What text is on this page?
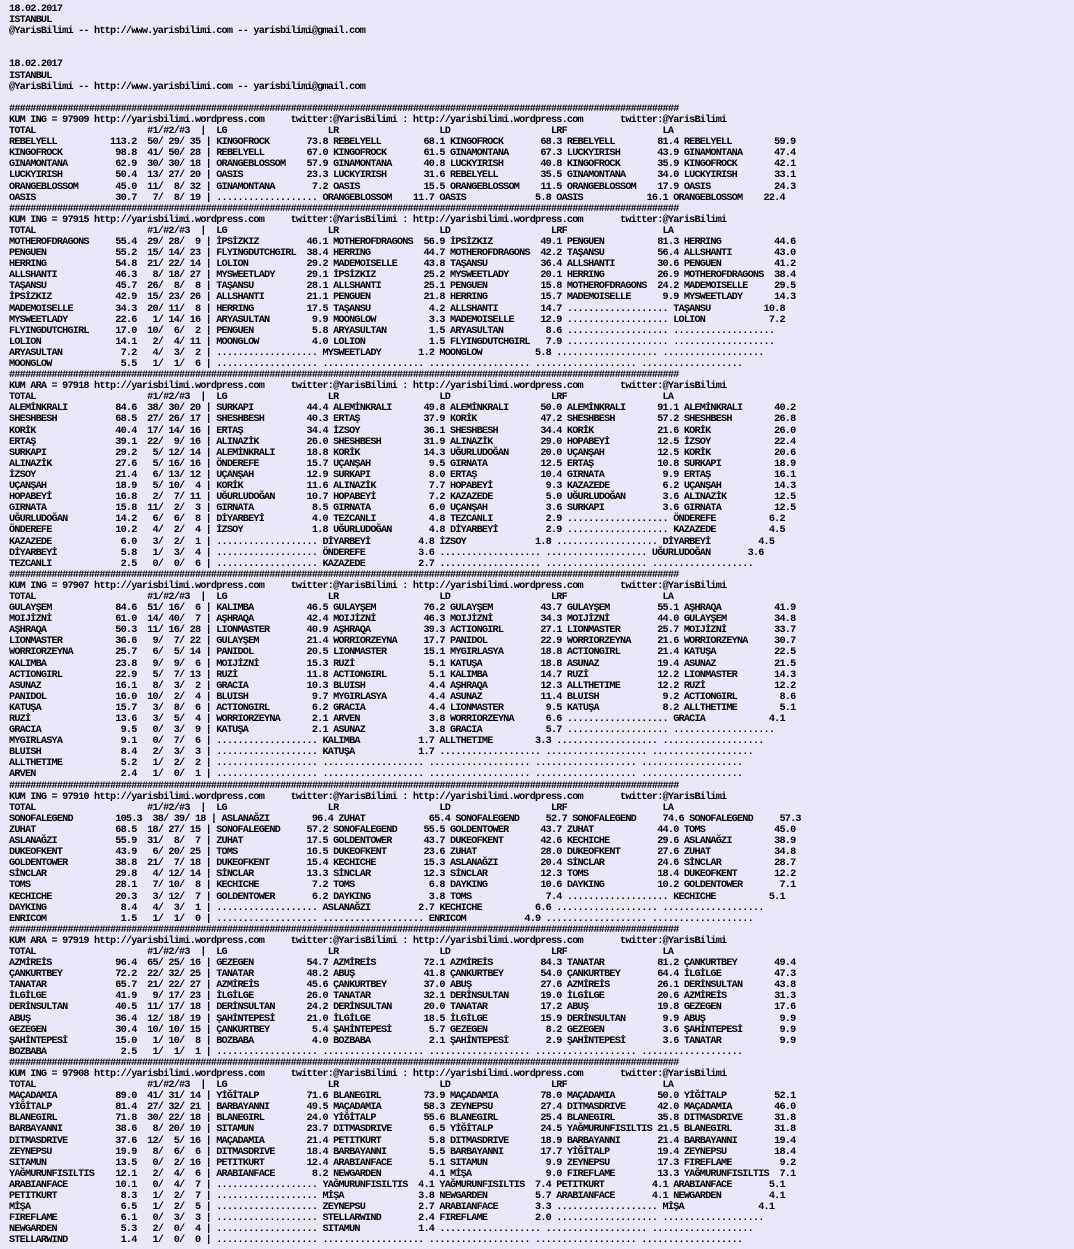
18.02.2017
ISTANBUL
@YarisBilimi -- http://www.yarisbilimi.com -- yarisbilimi@gmail.com
18.02.2017
ISTANBUL
@YarisBilimi -- http://www.yarisbilimi.com -- yarisbilimi@gmail.com
##############################################################################################################################
KUM ING = 97909 http://yarisbilimi.wordpress.com     twitter:@YarisBilimi : http://yarisbilimi.wordpress.com       twitter:@YarisBilimi
TOTAL                     #1/#2/#3  |  LG                   LR                   LD                   LRF                  LA
REBELYELL          113.2  50/ 29/ 35 | KINGOFROCK       73.8 REBELYELL        68.1 KINGOFROCK       68.3 REBELYELL        81.4 REBELYELL        59.9
KINGOFROCK          98.8  41/ 50/ 28 | REBELYELL        67.0 KINGOFROCK       61.5 GINAMONTANA      67.3 LUCKYIRISH       43.9 GINAMONTANA      47.4
GINAMONTANA         62.9  30/ 30/ 18 | ORANGEBLOSSOM    57.9 GINAMONTANA      40.8 LUCKYIRISH       40.8 KINGOFROCK       35.9 KINGOFROCK       42.1
LUCKYIRISH          50.4  13/ 27/ 20 | OASIS            23.3 LUCKYIRISH       31.6 REBELYELL        35.5 GINAMONTANA      34.0 LUCKYIRISH       33.1
ORANGEBLOSSOM       45.0  11/  8/ 32 | GINAMONTANA       7.2 OASIS            15.5 ORANGEBLOSSOM    11.5 ORANGEBLOSSOM    17.9 OASIS            24.3
OASIS               30.7   7/  8/ 19 | ................... ORANGEBLOSSOM    11.7 OASIS             5.8 OASIS            16.1 ORANGEBLOSSOM    22.4
##############################################################################################################################
KUM ING = 97915 http://yarisbilimi.wordpress.com     twitter:@YarisBilimi : http://yarisbilimi.wordpress.com       twitter:@YarisBilimi
TOTAL                     #1/#2/#3  |  LG                   LR                   LD                   LRF                  LA
MOTHEROFDRAGONS     55.4  29/ 28/  9 | İPSİZKIZ         46.1 MOTHEROFDRAGONS  56.9 İPSİZKIZ         49.1 PENGUEN          81.3 HERRING          44.6
PENGUEN             55.2  15/ 14/ 23 | FLYINGDUTCHGIRL  38.4 HERRING          44.7 MOTHEROFDRAGONS  42.2 TAŞANSU          56.4 ALLSHANTI        43.0
HERRING             54.8  21/ 22/ 14 | LOLION           29.2 MADEMOISELLE     43.8 TAŞANSU          36.4 ALLSHANTI        30.6 PENGUEN          41.2
ALLSHANTI           46.3   8/ 18/ 27 | MYSWEETLADY      29.1 İPSİZKIZ         25.2 MYSWEETLADY      20.1 HERRING          26.9 MOTHEROFDRAGONS  38.4
TAŞANSU             45.7  26/  8/  8 | TAŞANSU          28.1 ALLSHANTI        25.1 PENGUEN          15.8 MOTHEROFDRAGONS  24.2 MADEMOISELLE     29.5
İPSİZKIZ            42.9  15/ 23/ 26 | ALLSHANTI        21.1 PENGUEN          21.8 HERRING          15.7 MADEMOISELLE      9.9 MYSWEETLADY      14.3
MADEMOISELLE        34.3  20/ 11/  8 | HERRING          17.5 TAŞANSU           4.2 ALLSHANTI        14.7 ................... TAŞANSU          10.8
MYSWEETLADY         22.6   1/ 14/ 16 | ARYASULTAN        9.9 MOONGLOW          3.3 MADEMOISELLE     12.9 ................... LOLION            7.2
FLYINGDUTCHGIRL     17.0  10/  6/  2 | PENGUEN           5.8 ARYASULTAN        1.5 ARYASULTAN        8.6 ................... ...................
LOLION              14.1   2/  4/ 11 | MOONGLOW          4.0 LOLION            1.5 FLYINGDUTCHGIRL   7.9 ................... ...................
ARYASULTAN           7.2   4/  3/  2 | ................... MYSWEETLADY       1.2 MOONGLOW          5.8 ................... ...................
MOONGLOW             5.5   1/  1/  6 | ................... ................... ................... ................... ...................
##############################################################################################################################
KUM ARA = 97918 http://yarisbilimi.wordpress.com     twitter:@YarisBilimi : http://yarisbilimi.wordpress.com       twitter:@YarisBilimi
TOTAL                     #1/#2/#3  |  LG                   LR                   LD                   LRF                  LA
ALEMİNKRALI         84.6  38/ 30/ 20 | SURKAPI          44.4 ALEMİNKRALI      49.8 ALEMİNKRALI      50.0 ALEMİNKRALI      91.1 ALEMİNKRALI      40.2
SHESHBESH           68.5  27/ 26/ 17 | SHESHBESH        40.3 ERTAŞ            37.9 KORİK            47.2 SHESHBESH        57.2 SHESHBESH        26.8
KORİK               40.4  17/ 14/ 16 | ERTAŞ            34.4 İZSOY            36.1 SHESHBESH        34.4 KORİK            21.6 KORİK            26.0
ERTAŞ               39.1  22/  9/ 16 | ALINAZİK         26.0 SHESHBESH        31.9 ALINAZİK         29.0 HOPABEYİ         12.5 İZSOY            22.4
SURKAPI             29.2   5/ 12/ 14 | ALEMİNKRALI      18.8 KORİK            14.3 UĞURLUDOĞAN      20.0 UÇANŞAH          12.5 KORİK            20.6
ALINAZİK            27.6   5/ 16/ 16 | ÖNDEREFE         15.7 UÇANŞAH           9.5 GIRNATA          12.5 ERTAŞ            10.8 SURKAPI          18.9
İZSOY               21.4   6/ 13/ 12 | UÇANŞAH          12.9 SURKAPI           8.0 ERTAŞ            10.4 GIRNATA           9.9 ERTAŞ            16.1
UÇANŞAH             18.9   5/ 10/  4 | KORİK            11.6 ALINAZİK          7.7 HOPABEYİ          9.3 KAZAZEDE          6.2 UÇANŞAH          14.3
HOPABEYİ            16.8   2/  7/ 11 | UĞURLUDOĞAN      10.7 HOPABEYİ          7.2 KAZAZEDE          5.0 UĞURLUDOĞAN       3.6 ALINAZİK         12.5
GIRNATA             15.8  11/  2/  3 | GIRNATA           8.5 GIRNATA           6.0 UÇANŞAH           3.6 SURKAPI           3.6 GIRNATA          12.5
UĞURLUDOĞAN         14.2   6/  6/  8 | DİYARBEYİ         4.0 TEZCANLI          4.8 TEZCANLI          2.9 ................... ÖNDEREFE          6.2
ÖNDEREFE            10.2   4/  2/  4 | İZSOY             1.8 UĞURLUDOĞAN       4.8 DİYARBEYİ         2.9 ................... KAZAZEDE          4.5
KAZAZEDE             6.0   3/  2/  1 | ................... DİYARBEYİ         4.8 İZSOY             1.8 ................... DİYARBEYİ         4.5
DİYARBEYİ            5.8   1/  3/  4 | ................... ÖNDEREFE          3.6 ................... ................... UĞURLUDOĞAN       3.6
TEZCANLI             2.5   0/  0/  6 | ................... KAZAZEDE          2.7 ................... ................... ...................
##############################################################################################################################
KUM ING = 97907 http://yarisbilimi.wordpress.com     twitter:@YarisBilimi : http://yarisbilimi.wordpress.com       twitter:@YarisBilimi
TOTAL                     #1/#2/#3  |  LG                   LR                   LD                   LRF                  LA
GULAYŞEM            84.6  51/ 16/  6 | KALIMBA          46.5 GULAYŞEM         76.2 GULAYŞEM         43.7 GULAYŞEM         55.1 AŞHRAQA          41.9
MOIJİZNİ            61.0  14/ 40/  7 | AŞHRAQA          42.4 MOIJİZNİ         46.3 MOIJİZNİ         34.3 MOIJİZNİ         44.0 GULAYŞEM         34.8
AŞHRAQA             50.3  11/ 16/ 28 | LIONMASTER       40.9 AŞHRAQA          39.3 ACTIONGIRL       27.1 LIONMASTER       25.7 MOIJİZNİ         33.7
LIONMASTER          36.6   9/  7/ 22 | GULAYŞEM         21.4 WORRIORZEYNA     17.7 PANIDOL          22.9 WORRIORZEYNA     21.6 WORRIORZEYNA     30.7
WORRIORZEYNA        25.7   6/  5/ 14 | PANIDOL          20.5 LIONMASTER       15.1 MYGIRLASYA       18.8 ACTIONGIRL       21.4 KATUŞA           22.5
KALIMBA             23.8   9/  9/  6 | MOIJİZNİ         15.3 RUZİ              5.1 KATUŞA           18.8 ASUNAZ           19.4 ASUNAZ           21.5
ACTIONGIRL          22.9   5/  7/ 13 | RUZİ             11.8 ACTIONGIRL        5.1 KALIMBA          14.7 RUZİ             12.2 LIONMASTER       14.3
ASUNAZ              16.1   8/  3/  2 | GRACIA           10.3 BLUISH            4.4 AŞHRAQA          12.3 ALLTHETIME       12.2 RUZİ             12.2
PANIDOL             16.0  10/  2/  4 | BLUISH            9.7 MYGIRLASYA        4.4 ASUNAZ           11.4 BLUISH            9.2 ACTIONGIRL        8.6
KATUŞA              15.7   3/  8/  6 | ACTIONGIRL        6.2 GRACIA            4.4 LIONMASTER        9.5 KATUŞA            8.2 ALLTHETIME        5.1
RUZİ                13.6   3/  5/  4 | WORRIORZEYNA      2.1 ARVEN             3.8 WORRIORZEYNA      6.6 ................... GRACIA            4.1
GRACIA               9.5   0/  3/  9 | KATUŞA            2.1 ASUNAZ            3.8 GRACIA            5.7 ................... ...................
MYGIRLASYA           9.1   0/  7/  6 | ................... KALIMBA           1.7 ALLTHETIME        3.3 ................... ...................
BLUISH               8.4   2/  3/  3 | ................... KATUŞA            1.7 ................... ................... ...................
ALLTHETIME           5.2   1/  2/  2 | ................... ................... ................... ................... ...................
ARVEN                2.4   1/  0/  1 | ................... ................... ................... ................... ...................
##############################################################################################################################
KUM ING = 97910 http://yarisbilimi.wordpress.com     twitter:@YarisBilimi : http://yarisbilimi.wordpress.com       twitter:@YarisBilimi
TOTAL                     #1/#2/#3  |  LG                   LR                   LD                   LRF                  LA
SONOFALEGEND        105.3  38/ 39/ 18 | ASLANAĞZI        96.4 ZUHAT            65.4 SONOFALEGEND     52.7 SONOFALEGEND     74.6 SONOFALEGEND     57.3
ZUHAT               68.5  18/ 27/ 15 | SONOFALEGEND     57.2 SONOFALEGEND     55.5 GOLDENTOWER      43.7 ZUHAT            44.0 TOMS             45.0
ASLANAĞZI           55.9  31/  8/  7 | ZUHAT            17.5 GOLDENTOWER      43.7 DUKEOFKENT       42.6 KECHICHE         29.6 ASLANAĞZI        38.9
DUKEOFKENT          43.9   6/ 20/ 25 | TOMS             16.5 DUKEOFKENT       23.6 ZUHAT            28.0 DUKEOFKENT       27.6 ZUHAT            34.8
GOLDENTOWER         38.8  21/  7/ 18 | DUKEOFKENT       15.4 KECHICHE         15.3 ASLANAĞZI        20.4 SİNCLAR          24.6 SİNCLAR          28.7
SİNCLAR             29.8   4/ 12/ 14 | SİNCLAR          13.3 SİNCLAR          12.3 SİNCLAR          12.3 TOMS             18.4 DUKEOFKENT       12.2
TOMS                28.1   7/ 10/  8 | KECHICHE          7.2 TOMS              6.8 DAYKING          10.6 DAYKING          10.2 GOLDENTOWER       7.1
KECHICHE            20.3   3/ 12/  7 | GOLDENTOWER       6.2 DAYKING           3.8 TOMS              7.4 ................... KECHICHE          5.1
DAYKING              8.4   4/  3/  1 | ................... ASLANAĞZI         2.7 KECHICHE          6.6 ................... ...................
ENRICOM              1.5   1/  1/  0 | ................... ................... ENRICOM           4.9 ................... ...................
##############################################################################################################################
KUM ARA = 97919 http://yarisbilimi.wordpress.com     twitter:@YarisBilimi : http://yarisbilimi.wordpress.com       twitter:@YarisBilimi
TOTAL                     #1/#2/#3  |  LG                   LR                   LD                   LRF                  LA
AZMİREİS            96.4  65/ 25/ 16 | GEZEGEN          54.7 AZMİREİS         72.1 AZMİREİS         84.3 TANATAR          81.2 ÇANKURTBEY       49.4
ÇANKURTBEY          72.2  22/ 32/ 25 | TANATAR          48.2 ABUŞ             41.8 ÇANKURTBEY       54.0 ÇANKURTBEY       64.4 İLGİLGE          47.3
TANATAR             65.7  21/ 22/ 27 | AZMİREİS         45.6 ÇANKURTBEY       37.0 ABUŞ             27.6 AZMİREİS         26.1 DERİNSULTAN      43.8
İLGİLGE             41.9   9/ 17/ 23 | İLGİLGE          26.0 TANATAR          32.1 DERİNSULTAN      19.0 İLGİLGE          20.6 AZMİREİS         31.3
DERİNSULTAN         40.5  11/ 17/ 18 | DERİNSULTAN      24.2 DERİNSULTAN      20.0 TANATAR          17.2 ABUŞ             19.8 GEZEGEN          17.6
ABUŞ                36.4  12/ 18/ 19 | ŞAHİNTEPESİ      21.0 İLGİLGE          18.5 İLGİLGE          15.9 DERİNSULTAN       9.9 ABUŞ              9.9
GEZEGEN             30.4  10/ 10/ 15 | ÇANKURTBEY        5.4 ŞAHİNTEPESİ       5.7 GEZEGEN           8.2 GEZEGEN           3.6 ŞAHİNTEPESİ       9.9
ŞAHİNTEPESİ         15.0   1/ 10/  8 | BOZBABA           4.0 BOZBABA           2.1 ŞAHİNTEPESİ       2.9 ŞAHİNTEPESİ       3.6 TANATAR           9.9
BOZBABA              2.5   1/  1/  1 | ................... ................... ................... ................... ...................
##############################################################################################################################
KUM ING = 97908 http://yarisbilimi.wordpress.com     twitter:@YarisBilimi : http://yarisbilimi.wordpress.com       twitter:@YarisBilimi
TOTAL                     #1/#2/#3  |  LG                   LR                   LD                   LRF                  LA
MAÇADAMIA           89.0  41/ 31/ 14 | YİĞİTALP         71.6 BLANEGIRL        73.9 MAÇADAMIA        78.0 MAÇADAMIA        50.0 YİĞİTALP         52.1
YİĞİTALP            81.4  27/ 32/ 21 | BARBAYANNI       49.5 MAÇADAMIA        58.3 ZEYNEPSU         27.4 DITMASDRIVE      42.0 MAÇADAMIA        46.0
BLANEGIRL           71.8  30/ 22/ 18 | BLANEGIRL        24.0 YİĞİTALP         55.6 BLANEGIRL        25.4 BLANEGIRL        35.8 DITMASDRIVE      31.8
BARBAYANNI          38.6   8/ 20/ 10 | SITAMUN          23.7 DITMASDRIVE       6.5 YİĞİTALP         24.5 YAĞMURUNFISILTIS 21.5 BLANEGIRL        31.8
DITMASDRIVE         37.6  12/  5/ 16 | MAÇADAMIA        21.4 PETITKURT         5.8 DITMASDRIVE      18.9 BARBAYANNI       21.4 BARBAYANNI       19.4
ZEYNEPSU            19.9   8/  6/  6 | DITMASDRIVE      18.4 BARBAYANNI        5.5 BARBAYANNI       17.7 YİĞİTALP         19.4 ZEYNEPSU         18.4
SITAMUN             13.5   0/  2/ 16 | PETITKURT        12.4 ARABIANFACE       5.1 SITAMUN           9.9 ZEYNEPSU         17.3 FIREFLAME         9.2
YAĞMURUNFISILTIS    12.1   2/  4/  6 | ARABIANFACE       8.2 NEWGARDEN         4.1 MİŞA              9.0 FIREFLAME        13.3 YAĞMURUNFISILTIS  7.1
ARABIANFACE         10.1   0/  4/  7 | ................... YAĞMURUNFISILTIS  4.1 YAĞMURUNFISILTIS  7.4 PETITKURT         4.1 ARABIANFACE       5.1
PETITKURT            8.3   1/  2/  7 | ................... MİŞA              3.8 NEWGARDEN         5.7 ARABIANFACE       4.1 NEWGARDEN         4.1
MİŞA                 6.5   1/  2/  5 | ................... ZEYNEPSU          2.7 ARABIANFACE       3.3 ................... MİŞA              4.1
FIREFLAME            6.1   0/  3/  3 | ................... STELLARWIND       2.4 FIREFLAME         2.0 ................... ...................
NEWGARDEN            5.3   2/  0/  4 | ................... SITAMUN           1.4 ................... ................... ...................
STELLARWIND          1.4   1/  0/  0 | ................... ................... ................... ................... ...................
